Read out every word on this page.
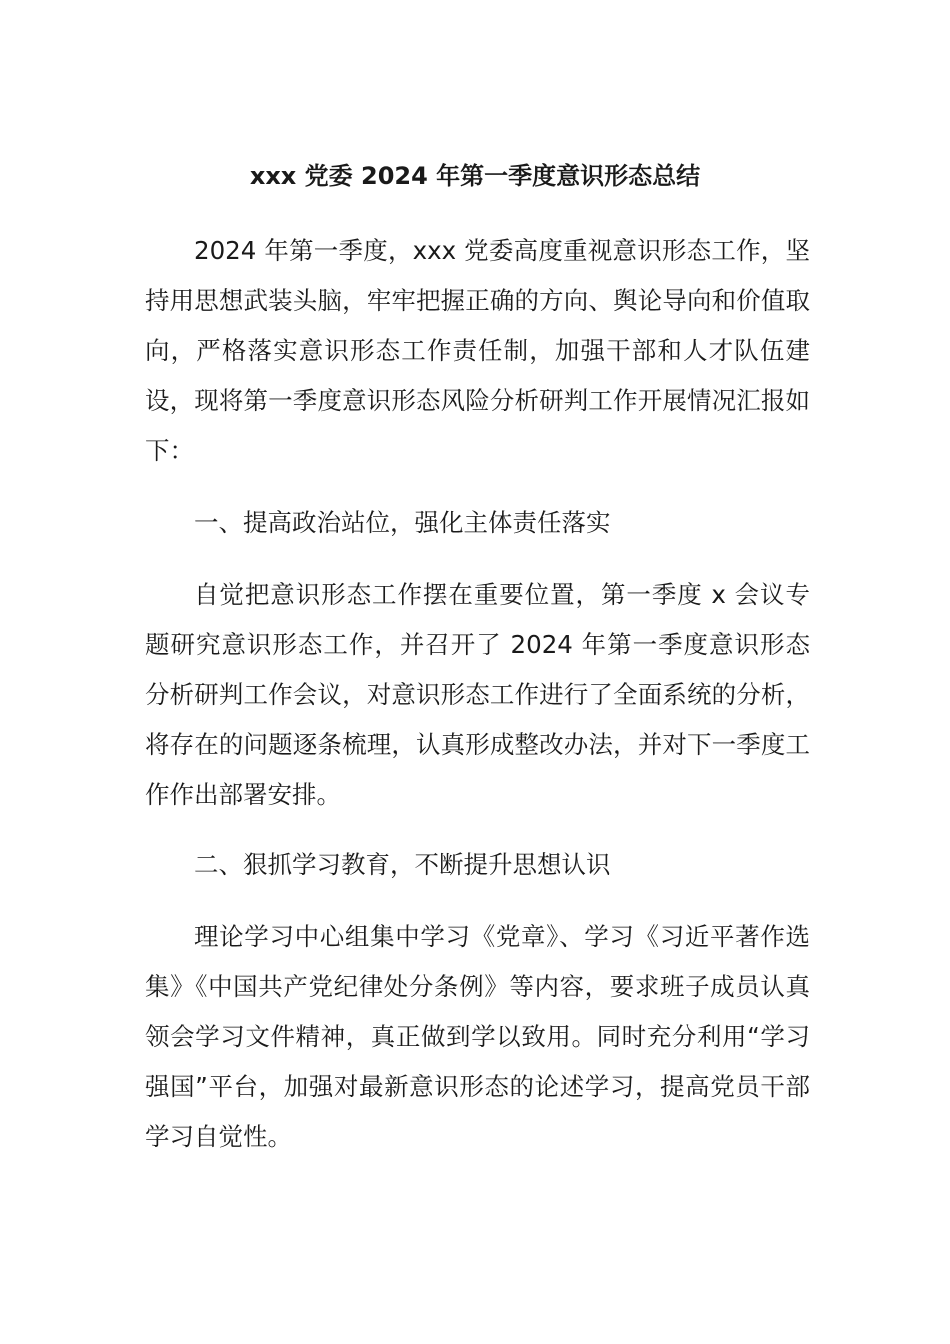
xxx 党委 2024 年第一季度意识形态总结

2024 年第一季度，xxx 党委高度重视意识形态工作，坚持用思想武装头脑，牢牢把握正确的方向、舆论导向和价值取向，严格落实意识形态工作责任制，加强干部和人才队伍建设，现将第一季度意识形态风险分析研判工作开展情况汇报如下：

一、提高政治站位，强化主体责任落实

自觉把意识形态工作摆在重要位置，第一季度 x 会议专题研究意识形态工作，并召开了 2024 年第一季度意识形态分析研判工作会议，对意识形态工作进行了全面系统的分析，将存在的问题逐条梳理，认真形成整改办法，并对下一季度工作作出部署安排。

二、狠抓学习教育，不断提升思想认识

理论学习中心组集中学习《党章》、学习《习近平著作选集》《中国共产党纪律处分条例》等内容，要求班子成员认真领会学习文件精神，真正做到学以致用。同时充分利用“学习强国”平台，加强对最新意识形态的论述学习，提高党员干部学习自觉性。
